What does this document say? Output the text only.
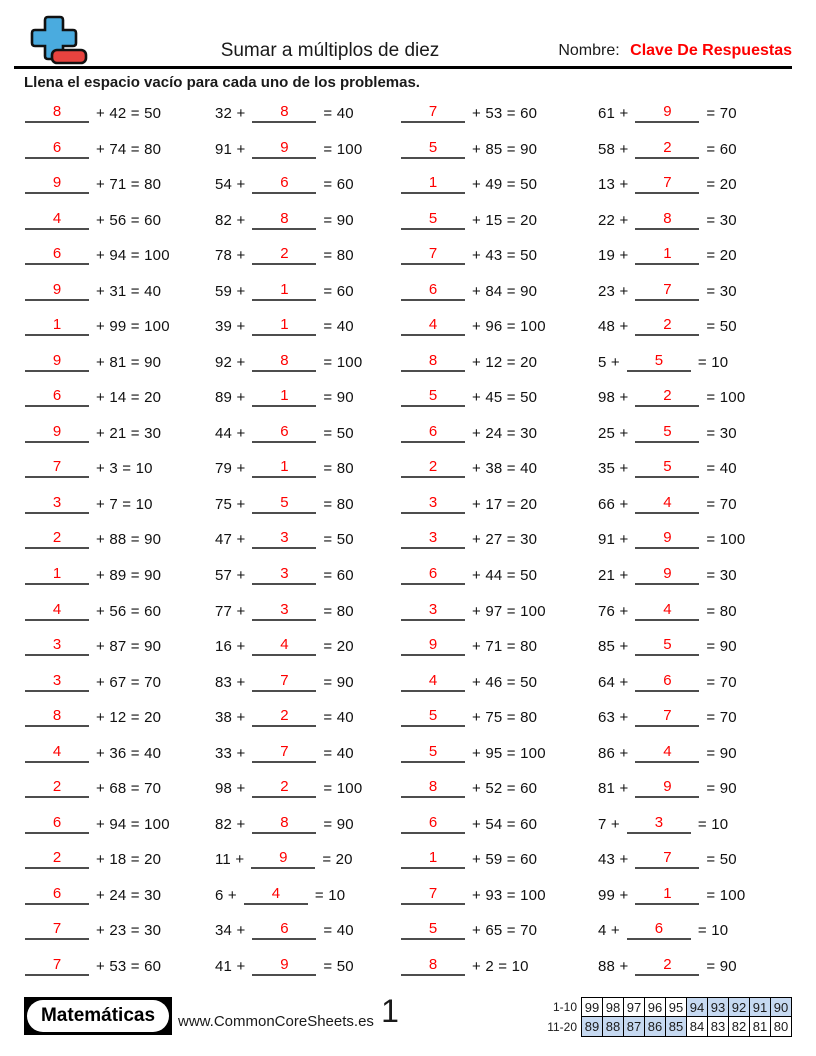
Sumar a múltiplos de diez	Nombre: Clave De Respuestas
Llena el espacio vacío para cada uno de los problemas.
8	+ 42 = 50
6	+ 74 = 80
9	+ 71 = 80
4	+ 56 = 60
6	+ 94 = 100
9	+ 31 = 40
1	+ 99 = 100
9	+ 81 = 90
6	+ 14 = 20
9	+ 21 = 30
7	+ 3 = 10
3	+ 7 = 10
2	+ 88 = 90
1	+ 89 = 90
4	+ 56 = 60
3	+ 87 = 90
3	+ 67 = 70
8	+ 12 = 20
4	+ 36 = 40
2	+ 68 = 70
6	+ 94 = 100
2	+ 18 = 20
6	+ 24 = 30
7	+ 23 = 30
7	+ 53 = 60
32 +	8	= 40
91 +	9	= 100
54 +	6	= 60
82 +	8	= 90
78 +	2	= 80
59 +	1	= 60
39 +	1	= 40
92 +	8	= 100
89 +	1	= 90
44 +	6	= 50
79 +	1	= 80
75 +	5	= 80
47 +	3	= 50
57 +	3	= 60
77 +	3	= 80
16 +	4	= 20
83 +	7	= 90
38 +	2	= 40
33 +	7	= 40
98 +	2	= 100
82 +	8	= 90
11 +	9	= 20
6 +	4	= 10
34 +	6	= 40
41 +	9	= 50
7	+ 53 = 60
5	+ 85 = 90
1	+ 49 = 50
5	+ 15 = 20
7	+ 43 = 50
6	+ 84 = 90
4	+ 96 = 100
8	+ 12 = 20
5	+ 45 = 50
6	+ 24 = 30
2	+ 38 = 40
3	+ 17 = 20
3	+ 27 = 30
6	+ 44 = 50
3	+ 97 = 100
9	+ 71 = 80
4	+ 46 = 50
5	+ 75 = 80
5	+ 95 = 100
8	+ 52 = 60
6	+ 54 = 60
1	+ 59 = 60
7	+ 93 = 100
5	+ 65 = 70
8	+ 2 = 10
61 +	9	= 70
58 +	2	= 60
13 +	7	= 20
22 +	8	= 30
19 +	1	= 20
23 +	7	= 30
48 +	2	= 50
5 +	5	= 10
98 +	2	= 100
25 +	5	= 30
35 +	5	= 40
66 +	4	= 70
91 +	9	= 100
21 +	9	= 30
76 +	4	= 80
85 +	5	= 90
64 +	6	= 70
63 +	7	= 70
86 +	4	= 90
81 +	9	= 90
7 +	3	= 10
43 +	7	= 50
99 +	1	= 100
4 +	6	= 10
88 +	2	= 90
Matemáticas	www.CommonCoreSheets.es 1	1-10 99 98 97 96 95 94 93 92 91 90
11-20 89 88 87 86 85 84 83 82 81 80
